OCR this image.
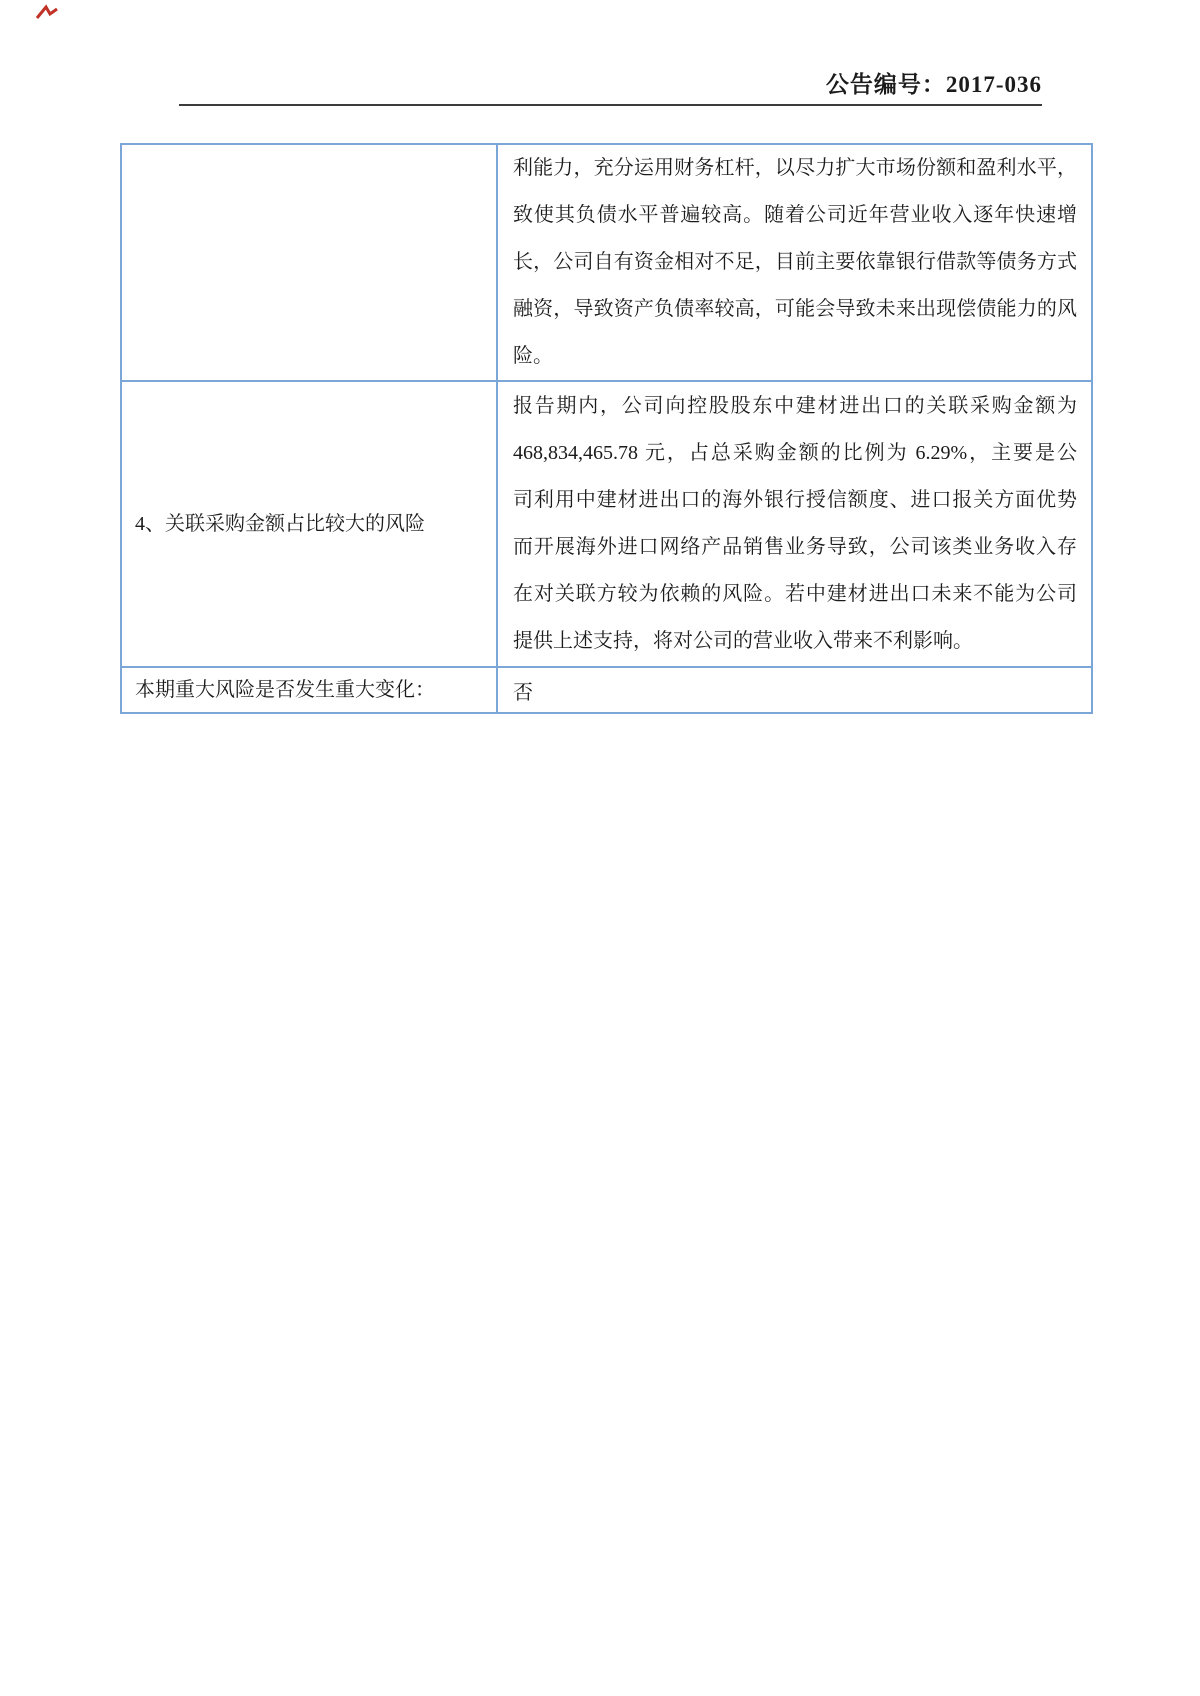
公告编号：2017-036
利能力，充分运用财务杠杆，以尽力扩大市场份额和盈利水平，
致使其负债水平普遍较高。随着公司近年营业收入逐年快速增
长，公司自有资金相对不足，目前主要依靠银行借款等债务方式
融资，导致资产负债率较高，可能会导致未来出现偿债能力的风
险。
4、关联采购金额占比较大的风险
报告期内，公司向控股股东中建材进出口的关联采购金额为
468,834,465.78 元，占总采购金额的比例为 6.29%，主要是公
司利用中建材进出口的海外银行授信额度、进口报关方面优势
而开展海外进口网络产品销售业务导致，公司该类业务收入存
在对关联方较为依赖的风险。若中建材进出口未来不能为公司
提供上述支持，将对公司的营业收入带来不利影响。
本期重大风险是否发生重大变化：	否
